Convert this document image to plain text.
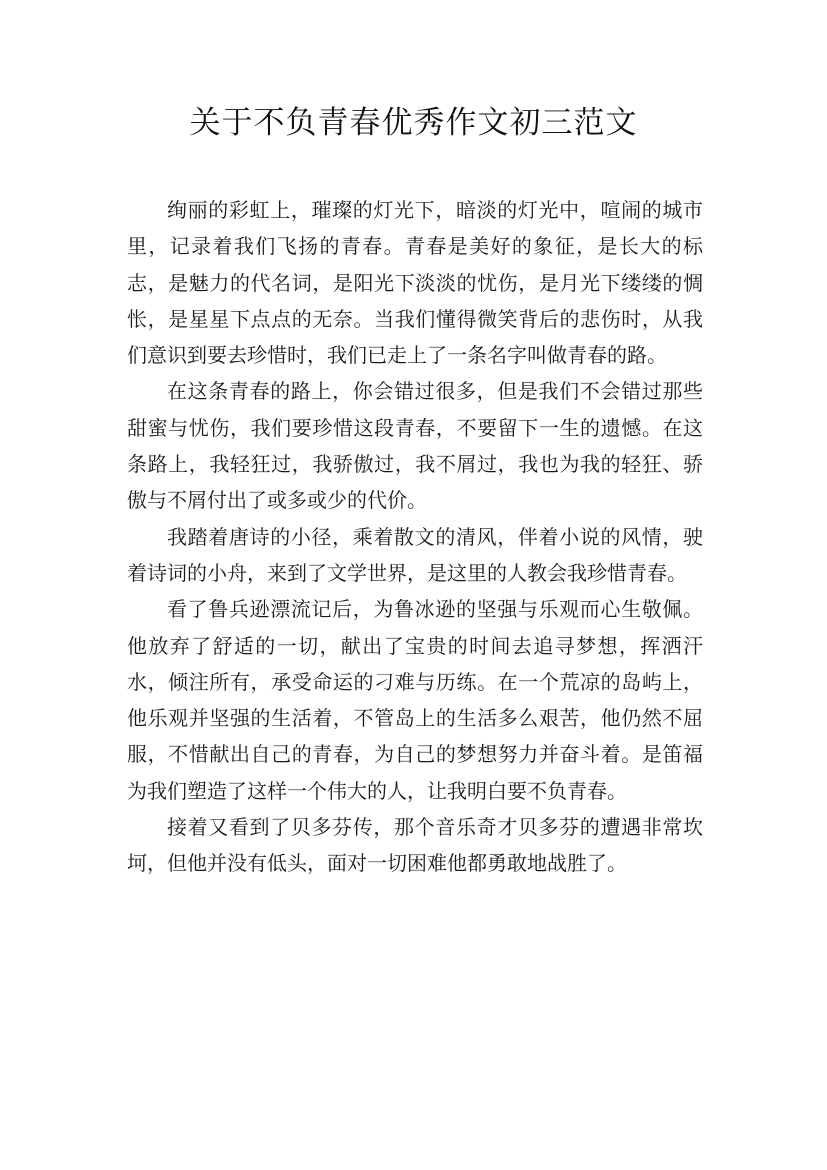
关于不负青春优秀作文初三范文

绚丽的彩虹上，璀璨的灯光下，暗淡的灯光中，喧闹的城市里，记录着我们飞扬的青春。青春是美好的象征，是长大的标志，是魅力的代名词，是阳光下淡淡的忧伤，是月光下缕缕的惆怅，是星星下点点的无奈。当我们懂得微笑背后的悲伤时，从我们意识到要去珍惜时，我们已走上了一条名字叫做青春的路。

在这条青春的路上，你会错过很多，但是我们不会错过那些甜蜜与忧伤，我们要珍惜这段青春，不要留下一生的遗憾。在这条路上，我轻狂过，我骄傲过，我不屑过，我也为我的轻狂、骄傲与不屑付出了或多或少的代价。

我踏着唐诗的小径，乘着散文的清风，伴着小说的风情，驶着诗词的小舟，来到了文学世界，是这里的人教会我珍惜青春。

看了鲁兵逊漂流记后，为鲁冰逊的坚强与乐观而心生敬佩。他放弃了舒适的一切，献出了宝贵的时间去追寻梦想，挥洒汗水，倾注所有，承受命运的刁难与历练。在一个荒凉的岛屿上，他乐观并坚强的生活着，不管岛上的生活多么艰苦，他仍然不屈服，不惜献出自己的青春，为自己的梦想努力并奋斗着。是笛福为我们塑造了这样一个伟大的人，让我明白要不负青春。

接着又看到了贝多芬传，那个音乐奇才贝多芬的遭遇非常坎坷，但他并没有低头，面对一切困难他都勇敢地战胜了。
